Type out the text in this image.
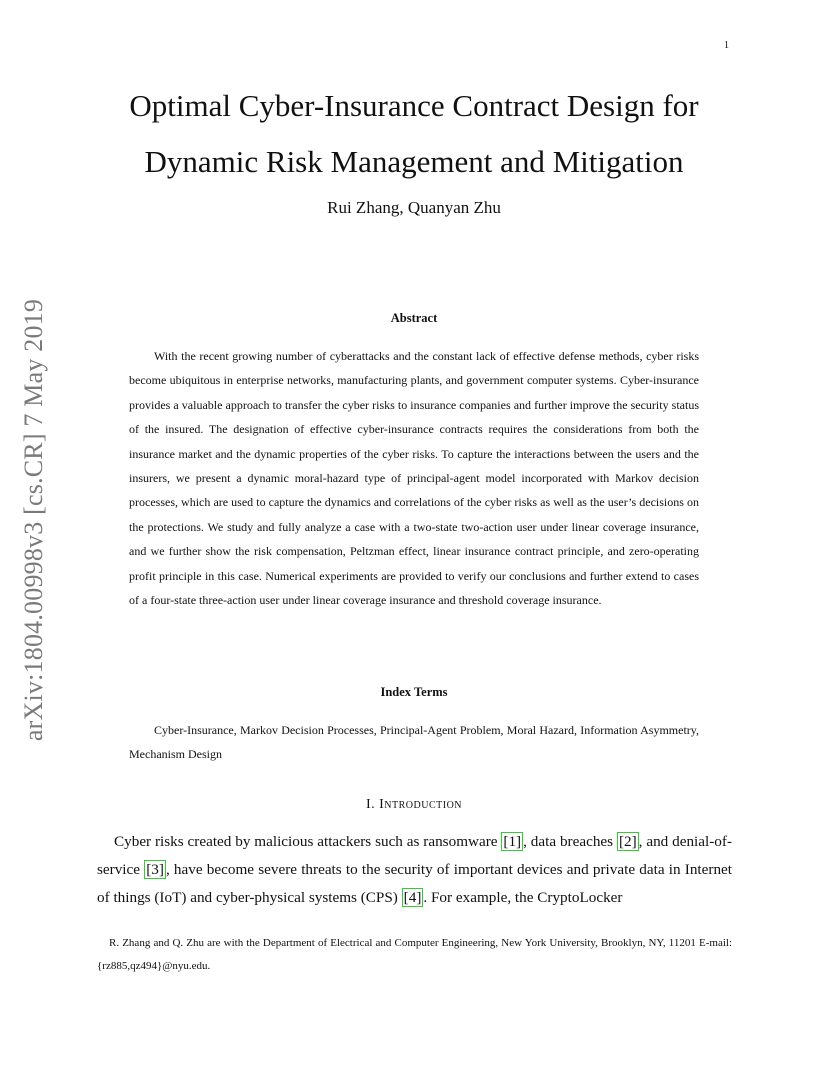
1
arXiv:1804.00998v3 [cs.CR] 7 May 2019
Optimal Cyber-Insurance Contract Design for
Dynamic Risk Management and Mitigation
Rui Zhang, Quanyan Zhu
Abstract

With the recent growing number of cyberattacks and the constant lack of effective defense methods, cyber risks become ubiquitous in enterprise networks, manufacturing plants, and government computer systems. Cyber-insurance provides a valuable approach to transfer the cyber risks to insurance companies and further improve the security status of the insured. The designation of effective cyber-insurance contracts requires the considerations from both the insurance market and the dynamic properties of the cyber risks. To capture the interactions between the users and the insurers, we present a dynamic moral-hazard type of principal-agent model incorporated with Markov decision processes, which are used to capture the dynamics and correlations of the cyber risks as well as the user’s decisions on the protections. We study and fully analyze a case with a two-state two-action user under linear coverage insurance, and we further show the risk compensation, Peltzman effect, linear insurance contract principle, and zero-operating profit principle in this case. Numerical experiments are provided to verify our conclusions and further extend to cases of a four-state three-action user under linear coverage insurance and threshold coverage insurance.

Index Terms

Cyber-Insurance, Markov Decision Processes, Principal-Agent Problem, Moral Hazard, Information Asymmetry, Mechanism Design

I. Introduction

Cyber risks created by malicious attackers such as ransomware [1] , data breaches [2] , and denial-of-service [3] , have become severe threats to the security of important devices and private data in Internet of things (IoT) and cyber-physical systems (CPS) [4] . For example, the CryptoLocker

R. Zhang and Q. Zhu are with the Department of Electrical and Computer Engineering, New York University, Brooklyn, NY, 11201 E-mail:{rz885,qz494}@nyu.edu.
